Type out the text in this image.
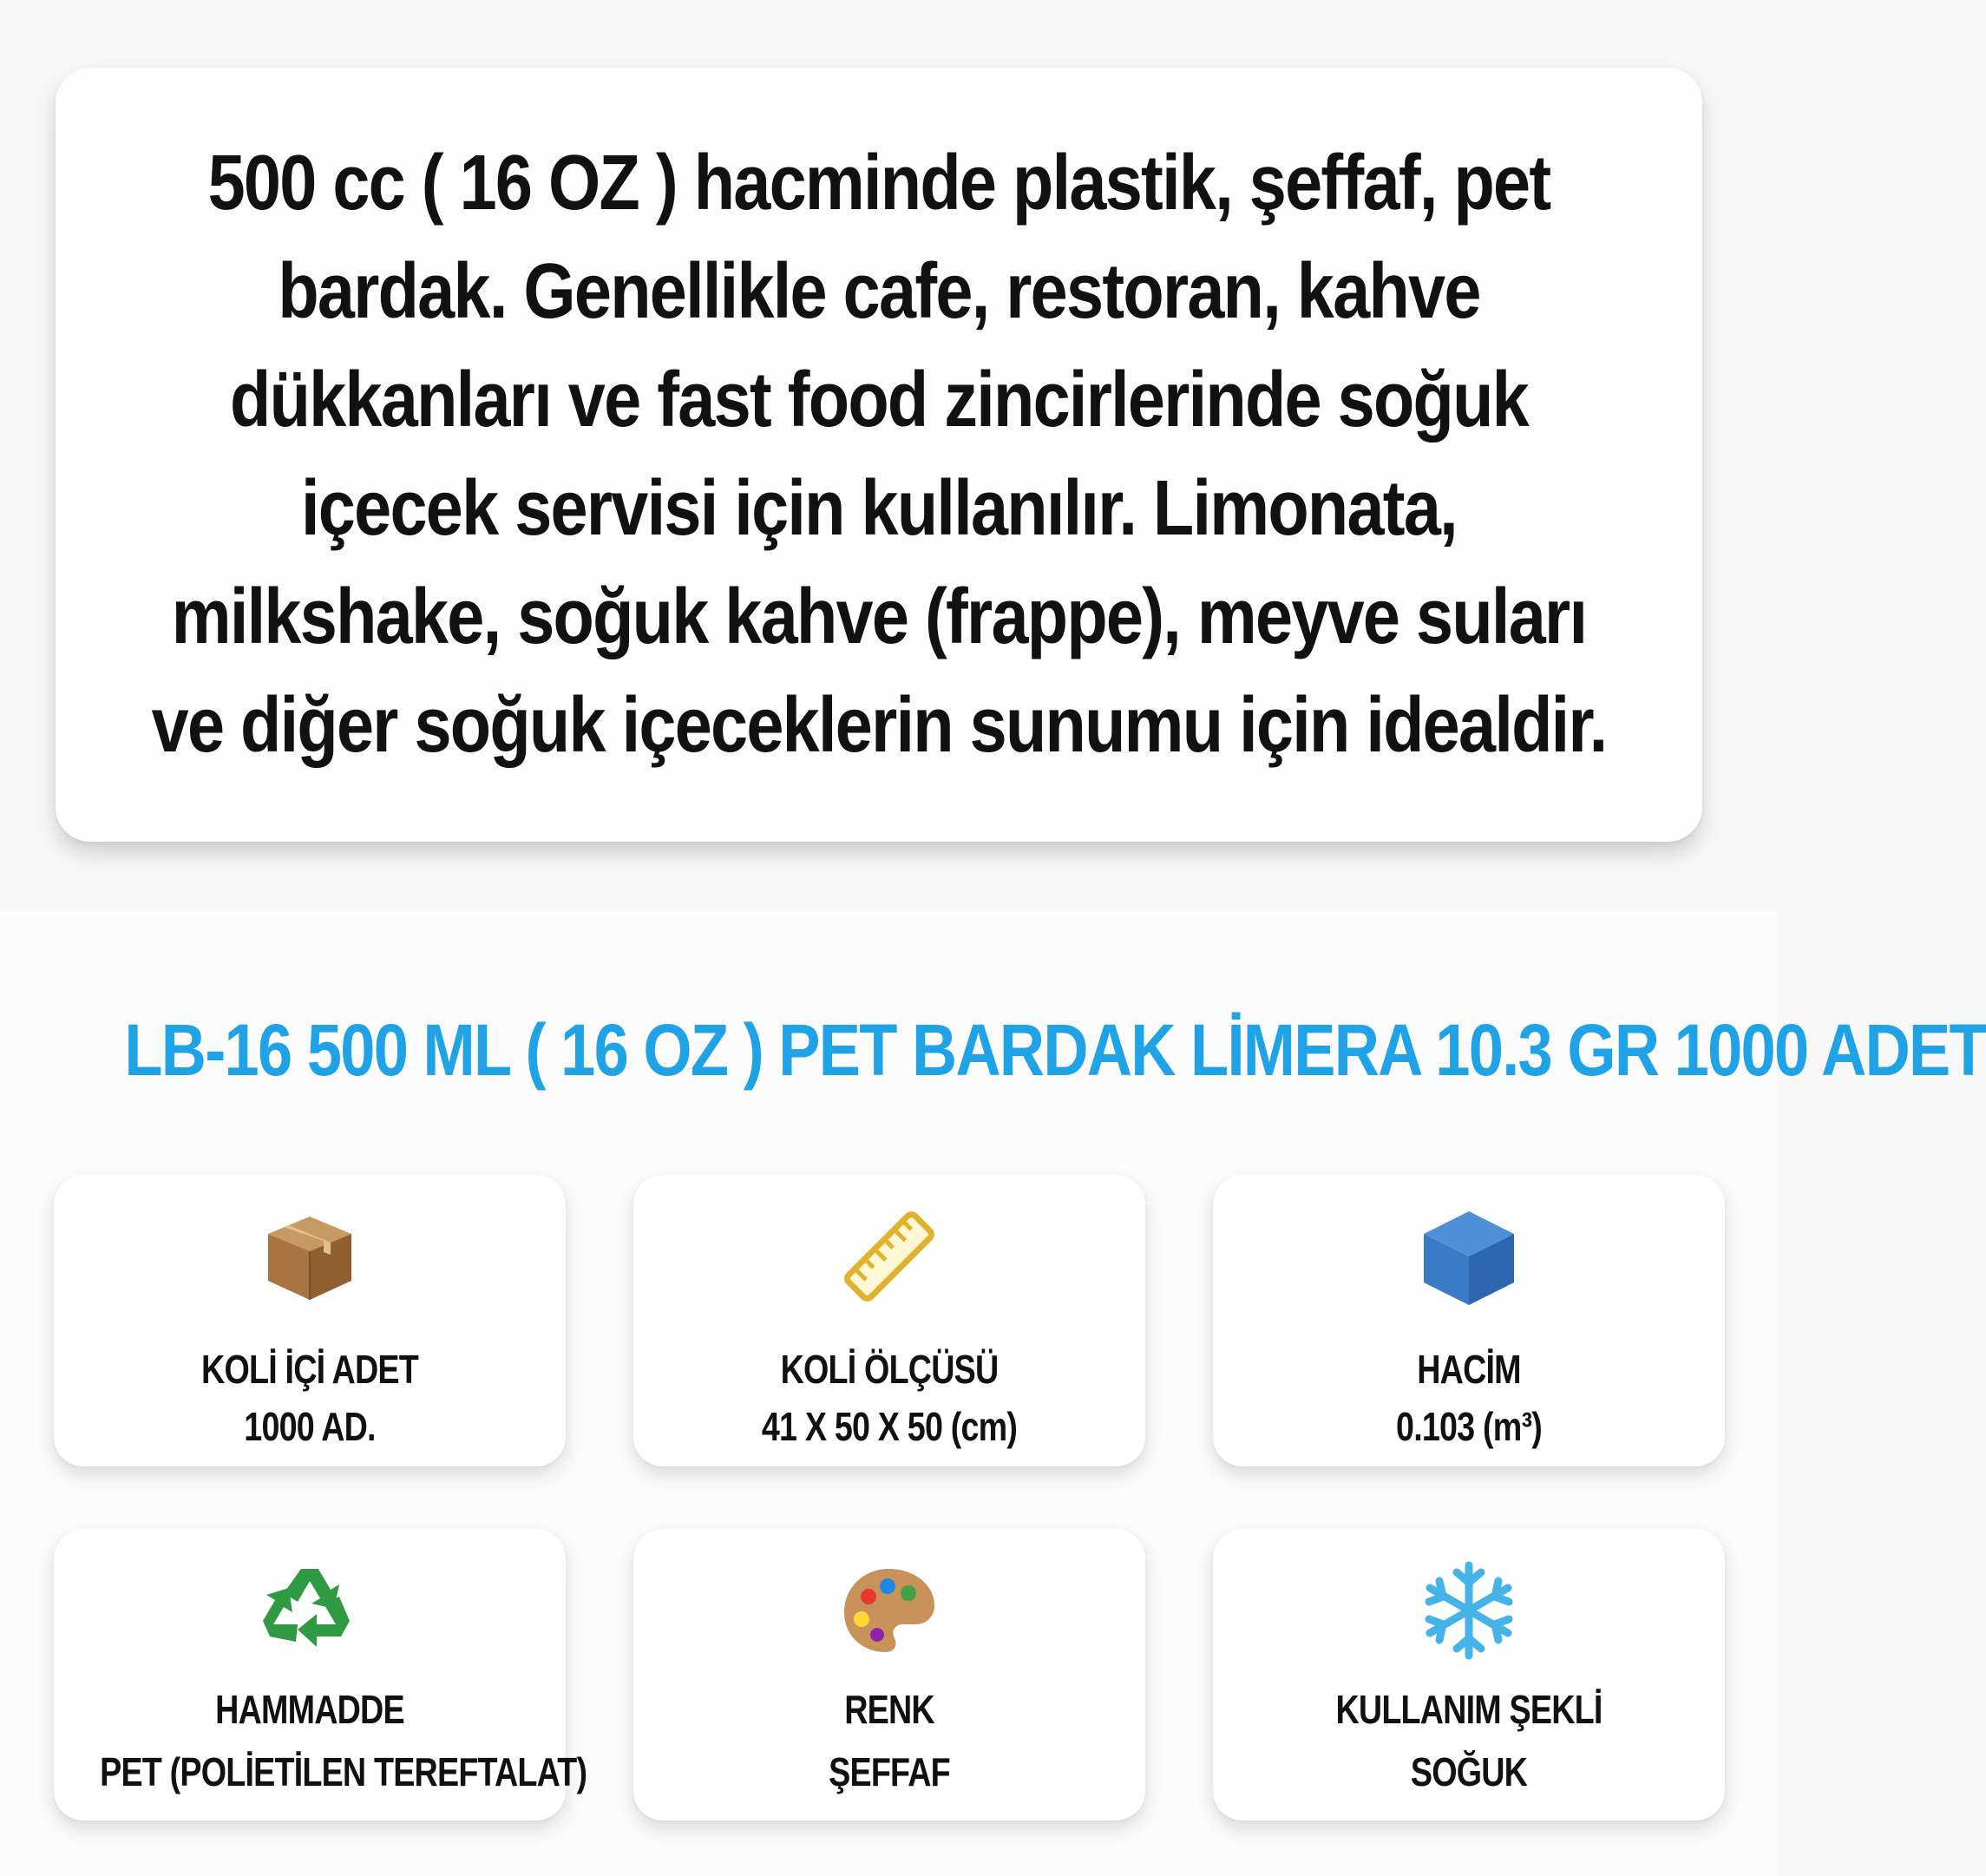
500 cc ( 16 OZ ) hacminde plastik, şeffaf, pet bardak. Genellikle cafe, restoran, kahve dükkanları ve fast food zincirlerinde soğuk içecek servisi için kullanılır. Limonata, milkshake, soğuk kahve (frappe), meyve suları ve diğer soğuk içeceklerin sunumu için idealdir.

LB-16 500 ML ( 16 OZ ) PET BARDAK LİMERA 10.3 GR 1000 ADET
KOLİ İÇİ ADET
1000 AD.
KOLİ ÖLÇÜSÜ
41 X 50 X 50 (cm)
HACİM
0.103 (m³)
HAMMADDE
PET (POLİETİLEN TEREFTALAT)
RENK
ŞEFFAF
KULLANIM ŞEKLİ
SOĞUK
